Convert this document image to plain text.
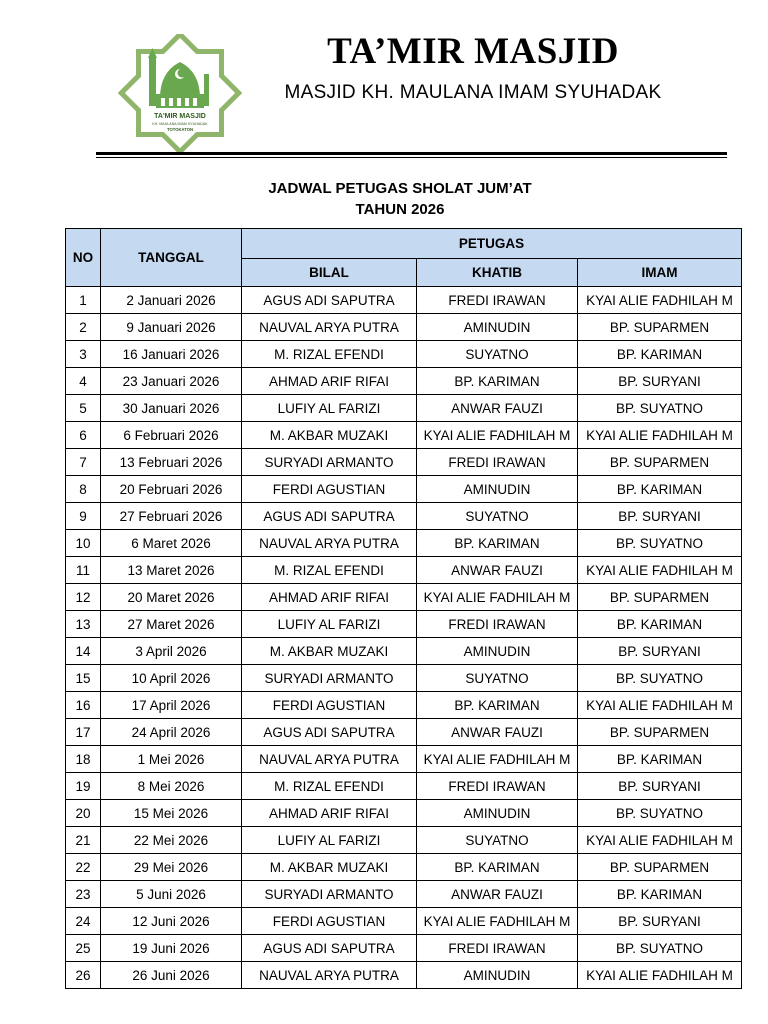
TA'MIR MASJID
KH. MAULANA IMAM SYUHADAK
TOTOKATON
TA’MIR MASJID
MASJID KH. MAULANA IMAM SYUHADAK
JADWAL PETUGAS SHOLAT JUM’AT
TAHUN 2026
NO	TANGGAL	PETUGAS		
		BILAL	KHATIB	IMAM
1	2 Januari 2026	AGUS ADI SAPUTRA	FREDI IRAWAN	KYAI ALIE FADHILAH M
2	9 Januari 2026	NAUVAL ARYA PUTRA	AMINUDIN	BP. SUPARMEN
3	16 Januari 2026	M. RIZAL EFENDI	SUYATNO	BP. KARIMAN
4	23 Januari 2026	AHMAD ARIF RIFAI	BP. KARIMAN	BP. SURYANI
5	30 Januari 2026	LUFIY AL FARIZI	ANWAR FAUZI	BP. SUYATNO
6	6 Februari 2026	M. AKBAR MUZAKI	KYAI ALIE FADHILAH M	KYAI ALIE FADHILAH M
7	13 Februari 2026	SURYADI ARMANTO	FREDI IRAWAN	BP. SUPARMEN
8	20 Februari 2026	FERDI AGUSTIAN	AMINUDIN	BP. KARIMAN
9	27 Februari 2026	AGUS ADI SAPUTRA	SUYATNO	BP. SURYANI
10	6 Maret 2026	NAUVAL ARYA PUTRA	BP. KARIMAN	BP. SUYATNO
11	13 Maret 2026	M. RIZAL EFENDI	ANWAR FAUZI	KYAI ALIE FADHILAH M
12	20 Maret 2026	AHMAD ARIF RIFAI	KYAI ALIE FADHILAH M	BP. SUPARMEN
13	27 Maret 2026	LUFIY AL FARIZI	FREDI IRAWAN	BP. KARIMAN
14	3 April 2026	M. AKBAR MUZAKI	AMINUDIN	BP. SURYANI
15	10 April 2026	SURYADI ARMANTO	SUYATNO	BP. SUYATNO
16	17 April 2026	FERDI AGUSTIAN	BP. KARIMAN	KYAI ALIE FADHILAH M
17	24 April 2026	AGUS ADI SAPUTRA	ANWAR FAUZI	BP. SUPARMEN
18	1 Mei 2026	NAUVAL ARYA PUTRA	KYAI ALIE FADHILAH M	BP. KARIMAN
19	8 Mei 2026	M. RIZAL EFENDI	FREDI IRAWAN	BP. SURYANI
20	15 Mei 2026	AHMAD ARIF RIFAI	AMINUDIN	BP. SUYATNO
21	22 Mei 2026	LUFIY AL FARIZI	SUYATNO	KYAI ALIE FADHILAH M
22	29 Mei 2026	M. AKBAR MUZAKI	BP. KARIMAN	BP. SUPARMEN
23	5 Juni 2026	SURYADI ARMANTO	ANWAR FAUZI	BP. KARIMAN
24	12 Juni 2026	FERDI AGUSTIAN	KYAI ALIE FADHILAH M	BP. SURYANI
25	19 Juni 2026	AGUS ADI SAPUTRA	FREDI IRAWAN	BP. SUYATNO
26	26 Juni 2026	NAUVAL ARYA PUTRA	AMINUDIN	KYAI ALIE FADHILAH M
